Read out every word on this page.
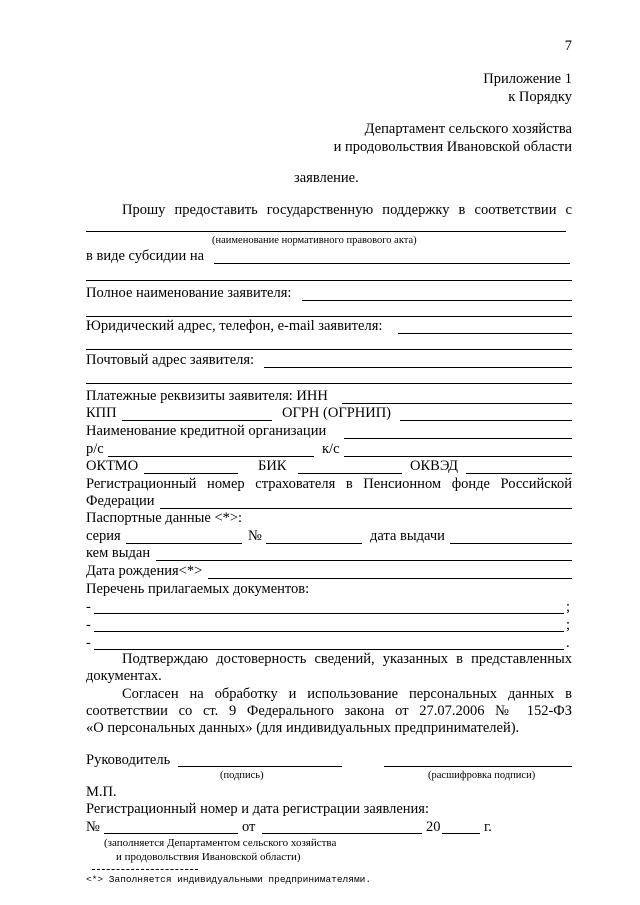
7
Приложение 1
к Порядку
Департамент сельского хозяйства
и продовольствия Ивановской области
заявление.
Прошу предоставить государственную поддержку в соответствии с
(наименование нормативного правового акта)
в виде субсидии на
Полное наименование заявителя:
Юридический адрес, телефон, e-mail заявителя:
Почтовый адрес заявителя:
Платежные реквизиты заявителя: ИНН
КПП	ОГРН (ОГРНИП)
Наименование кредитной организации
р/с	к/с
ОКТМО	БИК	ОКВЭД
Регистрационный номер страхователя в Пенсионном фонде Российской
Федерации
Паспортные данные <*>:
серия	№	дата выдачи
кем выдан
Дата рождения<*>
Перечень прилагаемых документов:
-	;
-	;
-	.
Подтверждаю достоверность сведений, указанных в представленных
документах.
Согласен на обработку и использование персональных данных в
соответствии со ст. 9 Федерального закона от 27.07.2006 № 152-ФЗ
«О персональных данных» (для индивидуальных предпринимателей).
Руководитель
(подпись)	(расшифровка подписи)
М.П.
Регистрационный номер и дата регистрации заявления:
№	от	20	г.
(заполняется Департаментом сельского хозяйства
и продовольствия Ивановской области)
<*> Заполняется индивидуальными предпринимателями.
